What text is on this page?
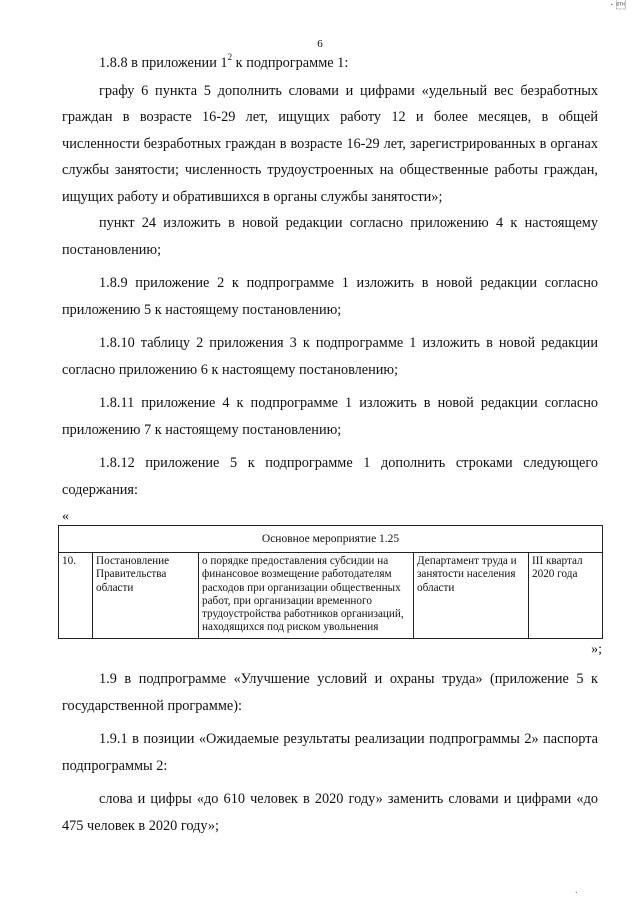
· 
6

1.8.8 в приложении $1^2$ к подпрограмме 1:

графу 6 пункта 5 дополнить словами и цифрами «удельный вес безработных граждан в возрасте 16-29 лет, ищущих работу 12 и более месяцев, в общей численности безработных граждан в возрасте 16-29 лет, зарегистрированных в органах службы занятости; численность трудоустроенных на общественные работы граждан, ищущих работу и обратившихся в органы службы занятости»;

пункт 24 изложить в новой редакции согласно приложению 4 к настоящему постановлению;

1.8.9 приложение 2 к подпрограмме 1 изложить в новой редакции согласно приложению 5 к настоящему постановлению;

1.8.10 таблицу 2 приложения 3 к подпрограмме 1 изложить в новой редакции согласно приложению 6 к настоящему постановлению;

1.8.11 приложение 4 к подпрограмме 1 изложить в новой редакции согласно приложению 7 к настоящему постановлению;

1.8.12 приложение 5 к подпрограмме 1 дополнить строками следующего содержания:

«
Основное мероприятие 1.25
10.	Постановление Правительства области	о порядке предоставления субсидии на финансовое возмещение работодателям расходов при организации общественных работ, при организации временного трудоустройства работников организаций, находящихся под риском увольнения	Департамент труда и занятости населения области	III квартал 2020 года
»;

1.9 в подпрограмме «Улучшение условий и охраны труда» (приложение 5 к государственной программе):

1.9.1 в позиции «Ожидаемые результаты реализации подпрограммы 2» паспорта подпрограммы 2:

слова и цифры «до 610 человек в 2020 году» заменить словами и цифрами «до 475 человек в 2020 году»;

·
